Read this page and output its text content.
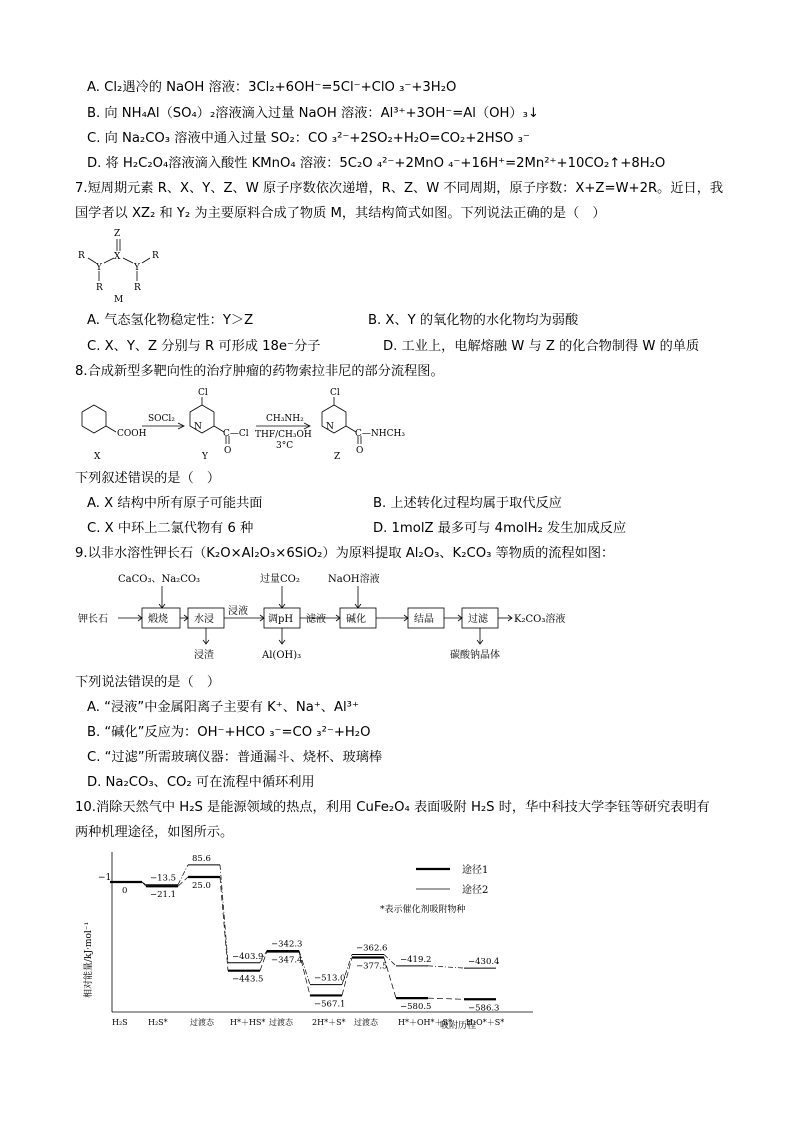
A. Cl₂遇冷的 NaOH 溶液：3Cl₂+6OH⁻=5Cl⁻+ClO ₃⁻+3H₂O
B. 向 NH₄Al（SO₄）₂溶液滴入过量 NaOH 溶液：Al³⁺+3OH⁻=Al（OH）₃↓
C. 向 Na₂CO₃ 溶液中通入过量 SO₂：CO ₃²⁻+2SO₂+H₂O=CO₂+2HSO ₃⁻
D. 将 H₂C₂O₄溶液滴入酸性 KMnO₄ 溶液：5C₂O ₄²⁻+2MnO ₄⁻+16H⁺=2Mn²⁺+10CO₂↑+8H₂O
7.短周期元素 R、X、Y、Z、W 原子序数依次递增，R、Z、W 不同周期，原子序数：X+Z=W+2R。近日，我
国学者以 XZ₂ 和 Y₂ 为主要原料合成了物质 M，其结构简式如图。下列说法正确的是（　）
Z
X
Y	Y
R	R
R	R
M
A. 气态氢化物稳定性：Y＞Z	B. X、Y 的氧化物的水化物均为弱酸
C. X、Y、Z 分别与 R 可形成 18e⁻分子	D. 工业上，电解熔融 W 与 Z 的化合物制得 W 的单质
8.合成新型多靶向性的治疗肿瘤的药物索拉非尼的部分流程图。
COOH
X
SOCl₂
Cl
N
C—Cl
O
Y
CH₃NH₂
THF/CH₃OH
3°C
Cl
N
C—NHCH₃
O
Z
下列叙述错误的是（　）
A. X 结构中所有原子可能共面	B. 上述转化过程均属于取代反应
C. X 中环上二氯代物有 6 种	D. 1molZ 最多可与 4molH₂ 发生加成反应
9.以非水溶性钾长石（K₂O×Al₂O₃×6SiO₂）为原料提取 Al₂O₃、K₂CO₃ 等物质的流程如图：
钾长石
CaCO₃、Na₂CO₃
煅烧	水浸
浸液
过量CO₂
调pH 滤液
NaOH溶液
碱化	结晶	过滤	K₂CO₃溶液
浸渣	Al(OH)₃	碳酸钠晶体
下列说法错误的是（　）
A. “浸液”中金属阳离子主要有 K⁺、Na⁺、Al³⁺
B. “碱化”反应为：OH⁻+HCO ₃⁻=CO ₃²⁻+H₂O
C. “过滤”所需玻璃仪器：普通漏斗、烧杯、玻璃棒
D. Na₂CO₃、CO₂ 可在流程中循环利用
10.消除天然气中 H₂S 是能源领域的热点，利用 CuFe₂O₄ 表面吸附 H₂S 时，华中科技大学李钰等研究表明有
两种机理途径，如图所示。
途径1
途径2
*表示催化剂吸附物种
相对能量/kJ·mol⁻¹
−1
吸附历程
H₂S	H₂S*	过渡态 H*＋HS* 过渡态 2H*＋S* 过渡态	H*＋OH*＋S* H₂O*＋S*
0
−13.5
−21.1
85.6
25.0
−403.9
−443.5
−342.3
−347.4
−513.0
−567.1
−362.6
−377.5
−419.2
−580.5
−430.4
−586.3
